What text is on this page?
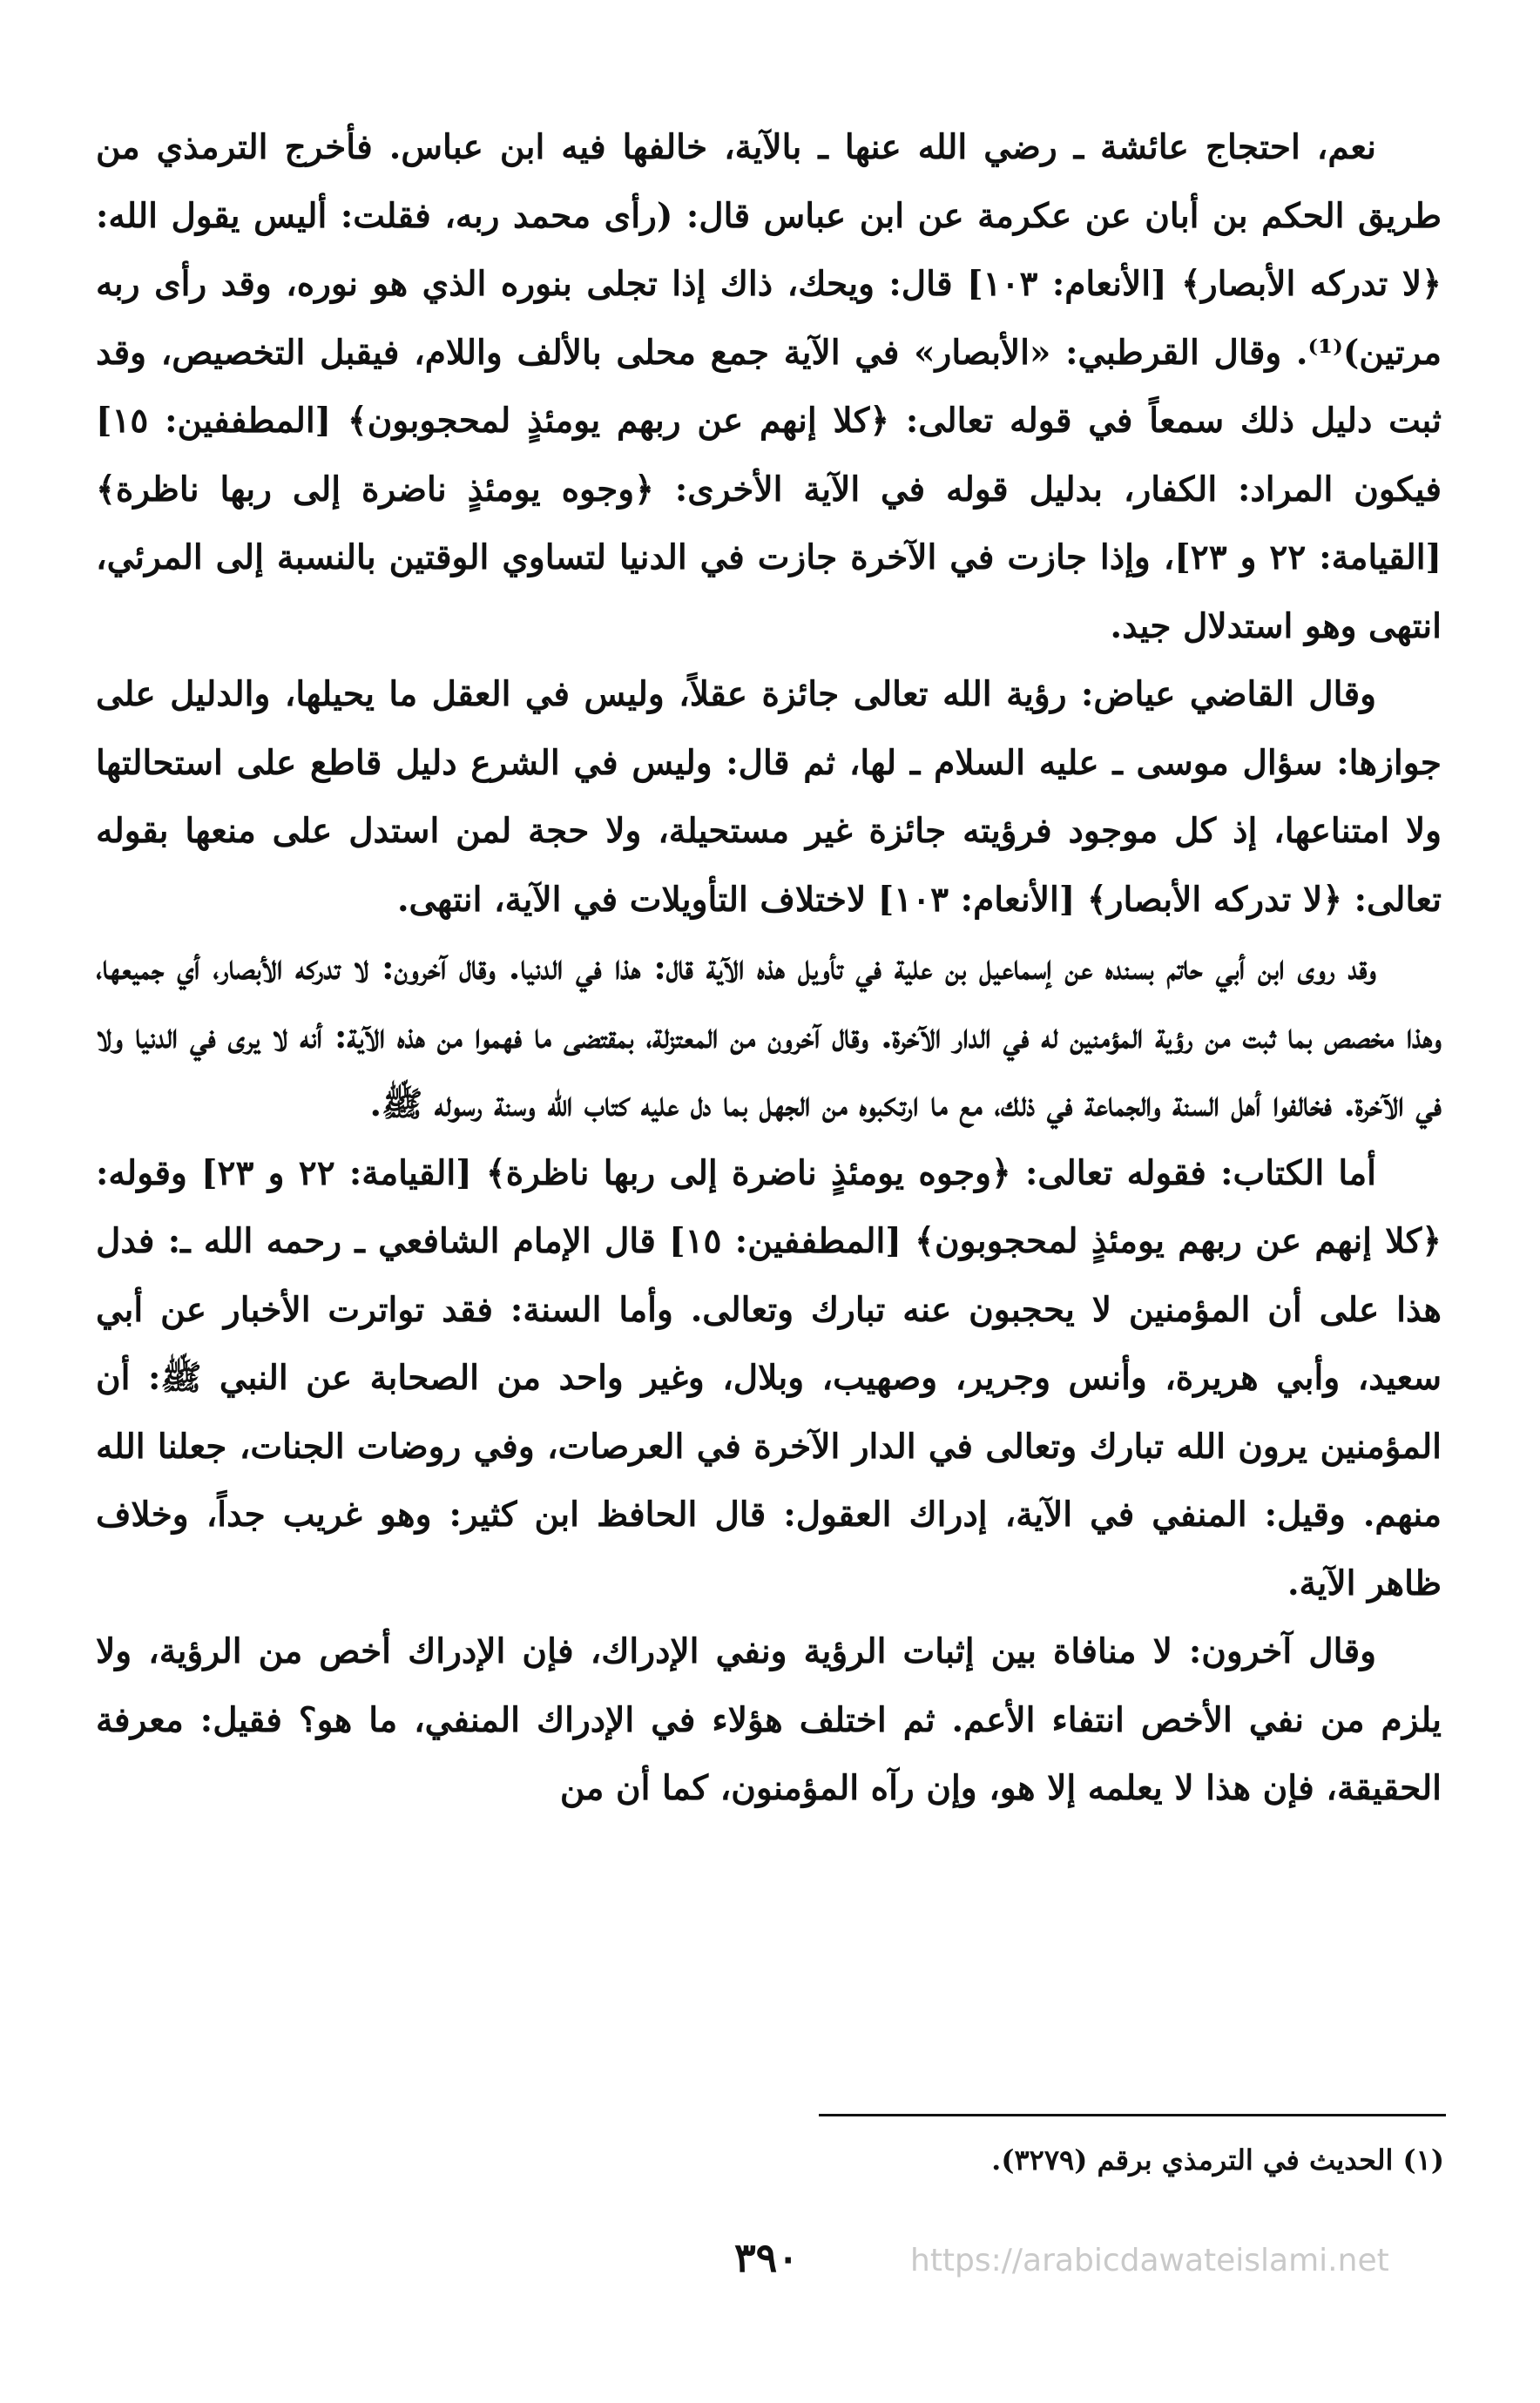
نعم، احتجاج عائشة ـ رضي الله عنها ـ بالآية، خالفها فيه ابن عباس. فأخرج الترمذي من طريق الحكم بن أبان عن عكرمة عن ابن عباس قال: (رأى محمد ربه، فقلت: أليس يقول الله: ﴿لا تدركه الأبصار﴾ [الأنعام: ١٠٣] قال: ويحك، ذاك إذا تجلى بنوره الذي هو نوره، وقد رأى ربه مرتين)⁽¹⁾. وقال القرطبي: «الأبصار» في الآية جمع محلى بالألف واللام، فيقبل التخصيص، وقد ثبت دليل ذلك سمعاً في قوله تعالى: ﴿كلا إنهم عن ربهم يومئذٍ لمحجوبون﴾ [المطففين: ١٥] فيكون المراد: الكفار، بدليل قوله في الآية الأخرى: ﴿وجوه يومئذٍ ناضرة إلى ربها ناظرة﴾ [القيامة: ٢٢ و ٢٣]، وإذا جازت في الآخرة جازت في الدنيا لتساوي الوقتين بالنسبة إلى المرئي، انتهى وهو استدلال جيد.

وقال القاضي عياض: رؤية الله تعالى جائزة عقلاً، وليس في العقل ما يحيلها، والدليل على جوازها: سؤال موسى ـ عليه السلام ـ لها، ثم قال: وليس في الشرع دليل قاطع على استحالتها ولا امتناعها، إذ كل موجود فرؤيته جائزة غير مستحيلة، ولا حجة لمن استدل على منعها بقوله تعالى: ﴿لا تدركه الأبصار﴾ [الأنعام: ١٠٣] لاختلاف التأويلات في الآية، انتهى.

وقد روى ابن أبي حاتم بسنده عن إسماعيل بن علية في تأويل هذه الآية قال: هذا في الدنيا. وقال آخرون: لا تدركه الأبصار، أي جميعها، وهذا مخصص بما ثبت من رؤية المؤمنين له في الدار الآخرة. وقال آخرون من المعتزلة، بمقتضى ما فهموا من هذه الآية: أنه لا يرى في الدنيا ولا في الآخرة. فخالفوا أهل السنة والجماعة في ذلك، مع ما ارتكبوه من الجهل بما دل عليه كتاب الله وسنة رسوله ﷺ.

أما الكتاب: فقوله تعالى: ﴿وجوه يومئذٍ ناضرة إلى ربها ناظرة﴾ [القيامة: ٢٢ و ٢٣] وقوله: ﴿كلا إنهم عن ربهم يومئذٍ لمحجوبون﴾ [المطففين: ١٥] قال الإمام الشافعي ـ رحمه الله ـ: فدل هذا على أن المؤمنين لا يحجبون عنه تبارك وتعالى. وأما السنة: فقد تواترت الأخبار عن أبي سعيد، وأبي هريرة، وأنس وجرير، وصهيب، وبلال، وغير واحد من الصحابة عن النبي ﷺ: أن المؤمنين يرون الله تبارك وتعالى في الدار الآخرة في العرصات، وفي روضات الجنات، جعلنا الله منهم. وقيل: المنفي في الآية، إدراك العقول: قال الحافظ ابن كثير: وهو غريب جداً، وخلاف ظاهر الآية.

وقال آخرون: لا منافاة بين إثبات الرؤية ونفي الإدراك، فإن الإدراك أخص من الرؤية، ولا يلزم من نفي الأخص انتفاء الأعم. ثم اختلف هؤلاء في الإدراك المنفي، ما هو؟ فقيل: معرفة الحقيقة، فإن هذا لا يعلمه إلا هو، وإن رآه المؤمنون، كما أن من

(١) الحديث في الترمذي برقم (٣٢٧٩).
٣٩٠	https://arabicdawateislami.net
